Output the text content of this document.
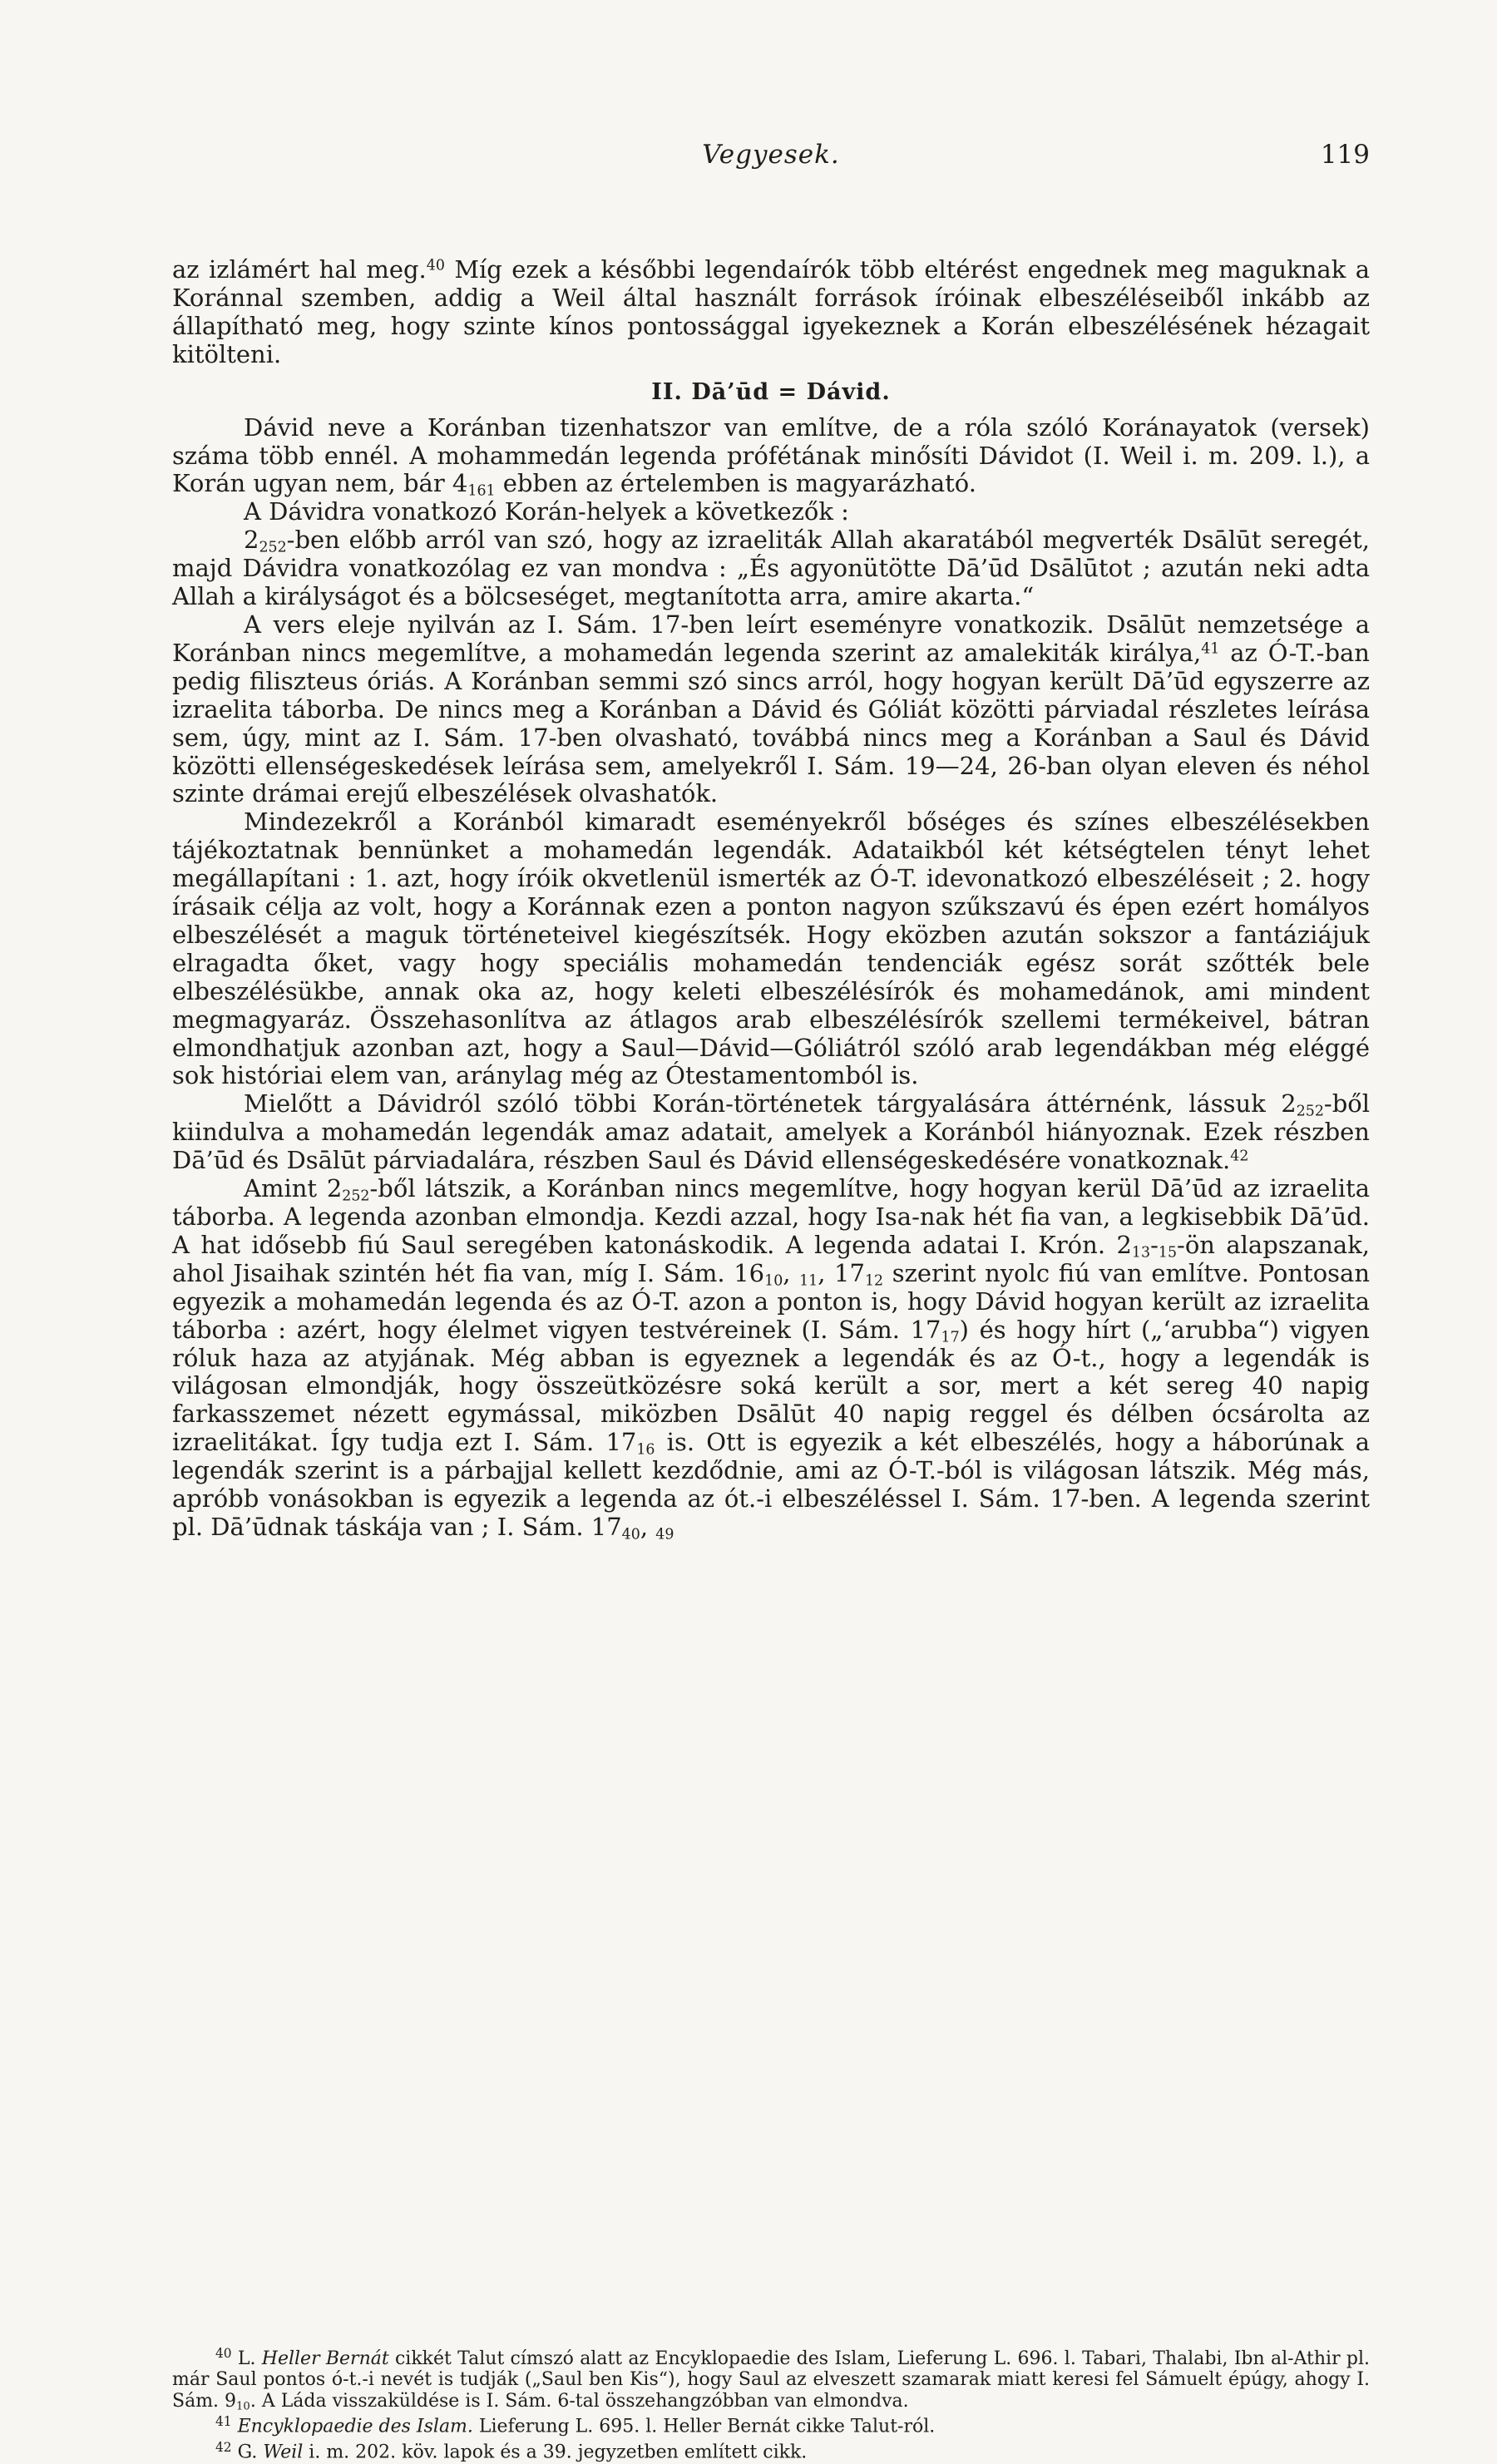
Vegyesek.	119

az izlámért hal meg.$^{40}$ Míg ezek a későbbi legendaírók több eltérést engednek meg maguknak a Koránnal szemben, addig a Weil által használt források íróinak elbeszéléseiből inkább az állapítható meg, hogy szinte kínos pontossággal igyekeznek a Korán elbeszélésének hézagait kitölteni.

II. Dā’ūd = Dávid.

Dávid neve a Koránban tizenhatszor van említve, de a róla szóló Koránayatok (versek) száma több ennél. A mohammedán legenda prófétának minősíti Dávidot (I. Weil i. m. 209. l.), a Korán ugyan nem, bár $4_{161}$ ebben az értelemben is magyarázható.

A Dávidra vonatkozó Korán-helyek a következők :

$2_{252}$-ben előbb arról van szó, hogy az izraeliták Allah akaratából megverték Dsālūt seregét, majd Dávidra vonatkozólag ez van mondva : „És agyonütötte Dā’ūd Dsālūtot ; azután neki adta Allah a királyságot és a bölcseséget, megtanította arra, amire akarta.“

A vers eleje nyilván az I. Sám. 17-ben leírt eseményre vonatkozik. Dsālūt nemzetsége a Koránban nincs megemlítve, a mohamedán legenda szerint az amalekiták királya,$^{41}$ az Ó-T.-ban pedig filiszteus óriás. A Koránban semmi szó sincs arról, hogy hogyan került Dā’ūd egyszerre az izraelita táborba. De nincs meg a Koránban a Dávid és Góliát közötti párviadal részletes leírása sem, úgy, mint az I. Sám. 17-ben olvasható, továbbá nincs meg a Koránban a Saul és Dávid közötti ellenségeskedések leírása sem, amelyekről I. Sám. 19—24, 26-ban olyan eleven és néhol szinte drámai erejű elbeszélések olvashatók.

Mindezekről a Koránból kimaradt eseményekről bőséges és színes elbeszélésekben tájékoztatnak bennünket a mohamedán legendák. Adataikból két kétségtelen tényt lehet megállapítani : 1. azt, hogy íróik okvetlenül ismerték az Ó-T. idevonatkozó elbeszéléseit ; 2. hogy írásaik célja az volt, hogy a Koránnak ezen a ponton nagyon szűkszavú és épen ezért homályos elbeszélését a maguk történeteivel kiegészítsék. Hogy eközben azután sokszor a fantáziájuk elragadta őket, vagy hogy speciális mohamedán tendenciák egész sorát szőtték bele elbeszélésükbe, annak oka az, hogy keleti elbeszélésírók és mohamedánok, ami mindent megmagyaráz. Összehasonlítva az átlagos arab elbeszélésírók szellemi termékeivel, bátran elmondhatjuk azonban azt, hogy a Saul—Dávid—Góliátról szóló arab legendákban még eléggé sok históriai elem van, aránylag még az Ótestamentomból is.

Mielőtt a Dávidról szóló többi Korán-történetek tárgyalására áttérnénk, lássuk $2_{252}$-ből kiindulva a mohamedán legendák amaz adatait, amelyek a Koránból hiányoznak. Ezek részben Dā’ūd és Dsālūt párviadalára, részben Saul és Dávid ellenségeskedésére vonatkoznak.$^{42}$

Amint $2_{252}$-ből látszik, a Koránban nincs megemlítve, hogy hogyan kerül Dā’ūd az izraelita táborba. A legenda azonban elmondja. Kezdi azzal, hogy Isa-nak hét fia van, a legkisebbik Dā’ūd. A hat idősebb fiú Saul seregében katonáskodik. A legenda adatai I. Krón. $2_{13}-_{15}-ön$ alapszanak, ahol Jisaihak szintén hét fia van, míg I. Sám. $16_{10}$, $_{11}$, $17_{12}$ szerint nyolc fiú van említve. Pontosan egyezik a mohamedán legenda és az Ó-T. azon a ponton is, hogy Dávid hogyan került az izraelita táborba : azért, hogy élelmet vigyen testvéreinek (I. Sám. $17_{17}$) és hogy hírt („‘arubba“) vigyen róluk haza az atyjának. Még abban is egyeznek a legendák és az Ó-t., hogy a legendák is világosan elmondják, hogy összeütközésre soká került a sor, mert a két sereg 40 napig farkasszemet nézett egymással, miközben Dsālūt 40 napig reggel és délben ócsárolta az izraelitákat. Így tudja ezt I. Sám. $17_{16}$ is. Ott is egyezik a két elbeszélés, hogy a háborúnak a legendák szerint is a párbajjal kellett kezdődnie, ami az Ó-T.-ból is világosan látszik. Még más, apróbb vonásokban is egyezik a legenda az ót.-i elbeszéléssel I. Sám. 17-ben. A legenda szerint pl. Dā’ūdnak táskája van ; I. Sám. $17_{40}$, $_{49}$

$^{40}$ L. Heller Bernát cikkét Talut címszó alatt az Encyklopaedie des Islam, Lieferung L. 696. l. Tabari, Thalabi, Ibn al-Athir pl. már Saul pontos ó-t.-i nevét is tudják („Saul ben Kis“), hogy Saul az elveszett szamarak miatt keresi fel Sámuelt épúgy, ahogy I. Sám. $9_{10}$. A Láda visszaküldése is I. Sám. 6-tal összehangzóbban van elmondva.

$^{41}$ Encyklopaedie des Islam. Lieferung L. 695. l. Heller Bernát cikke Talut-ról.

$^{42}$ G. Weil i. m. 202. köv. lapok és a 39. jegyzetben említett cikk.
